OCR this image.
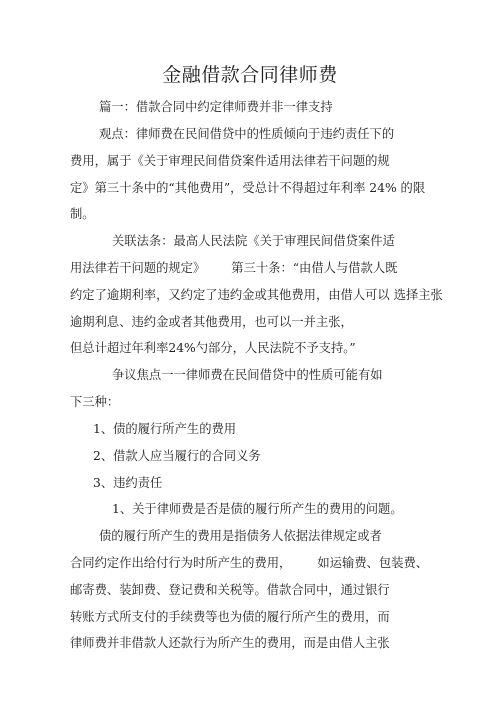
金融借款合同律师费
篇一：借款合同中约定律师费并非一律支持
观点：律师费在民间借贷中的性质倾向于违约责任下的
费用，属于《关于审理民间借贷案件适用法律若干问题的规
定》第三十条中的“其他费用”，受总计不得超过年利率 24% 的限
制。
关联法条：最高人民法院《关于审理民间借贷案件适
用法律若干问题的规定》 第三十条：“由借人与借款人既
约定了逾期利率，又约定了违约金或其他费用，由借人可以 选择主张
逾期利息、违约金或者其他费用，也可以一并主张，
但总计超过年利率24%勺部分，人民法院不予支持。”
争议焦点一一律师费在民间借贷中的性质可能有如
下三种：
1、债的履行所产生的费用
2、借款人应当履行的合同义务
3、违约责任
1、关于律师费是否是债的履行所产生的费用的问题。
债的履行所产生的费用是指债务人依据法律规定或者
合同约定作出给付行为时所产生的费用， 如运输费、包装费、
邮寄费、装卸费、登记费和关税等。借款合同中，通过银行
转账方式所支付的手续费等也为债的履行所产生的费用，而
律师费并非借款人还款行为所产生的费用，而是由借人主张
